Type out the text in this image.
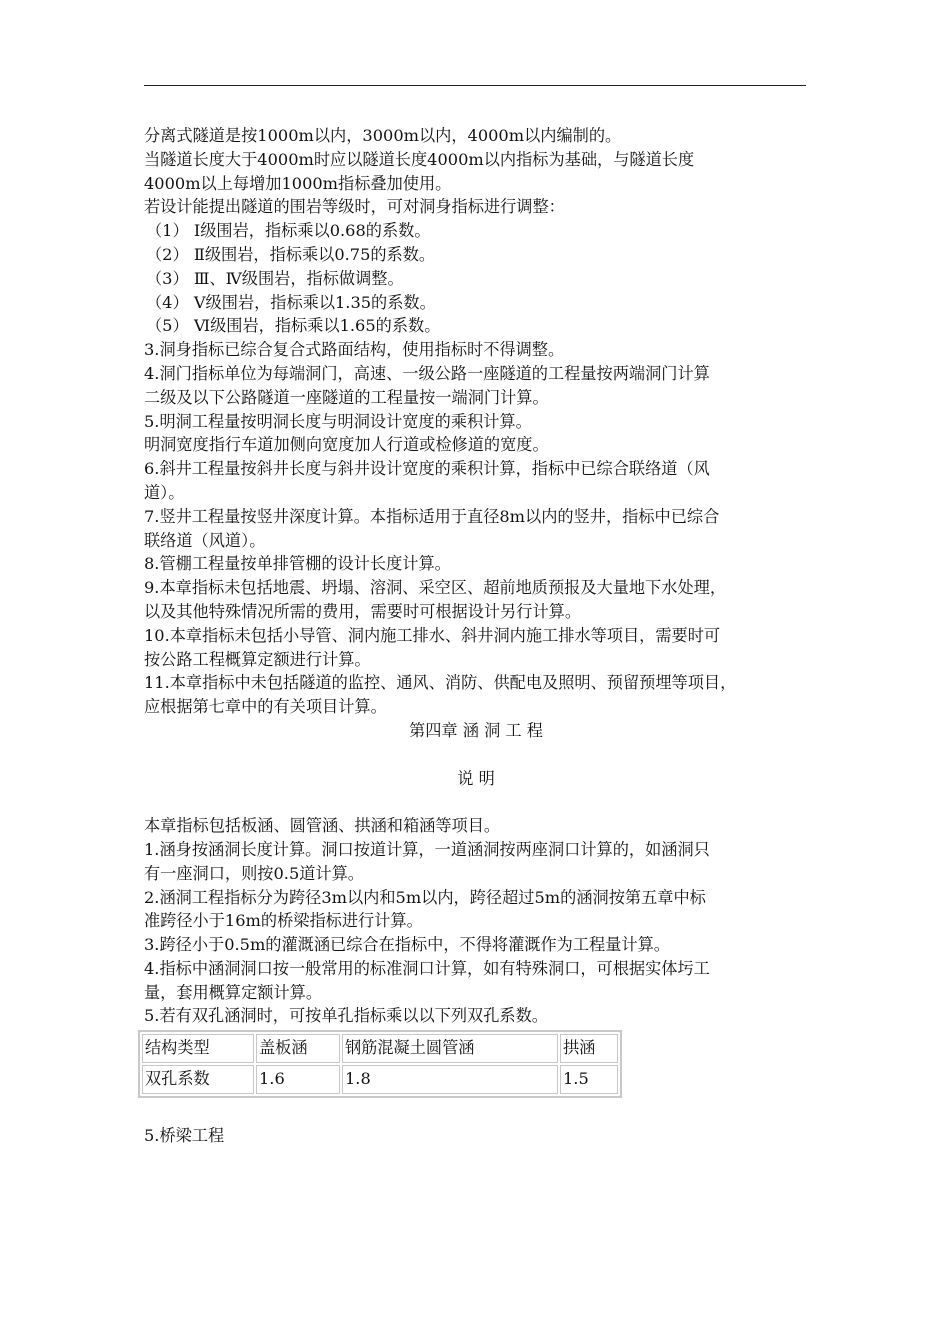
分离式隧道是按1000m以内，3000m以内，4000m以内编制的。
当隧道长度大于4000m时应以隧道长度4000m以内指标为基础，与隧道长度
4000m以上每增加1000m指标叠加使用。
若设计能提出隧道的围岩等级时，可对洞身指标进行调整：
（1） Ⅰ级围岩，指标乘以0.68的系数。
（2） Ⅱ级围岩，指标乘以0.75的系数。
（3） Ⅲ、Ⅳ级围岩，指标做调整。
（4） Ⅴ级围岩，指标乘以1.35的系数。
（5） Ⅵ级围岩，指标乘以1.65的系数。
3.洞身指标已综合复合式路面结构，使用指标时不得调整。
4.洞门指标单位为每端洞门，高速、一级公路一座隧道的工程量按两端洞门计算
二级及以下公路隧道一座隧道的工程量按一端洞门计算。
5.明洞工程量按明洞长度与明洞设计宽度的乘积计算。
明洞宽度指行车道加侧向宽度加人行道或检修道的宽度。
6.斜井工程量按斜井长度与斜井设计宽度的乘积计算，指标中已综合联络道（风
道）。
7.竖井工程量按竖井深度计算。本指标适用于直径8m以内的竖井，指标中已综合
联络道（风道）。
8.管棚工程量按单排管棚的设计长度计算。
9.本章指标未包括地震、坍塌、溶洞、采空区、超前地质预报及大量地下水处理，
以及其他特殊情况所需的费用，需要时可根据设计另行计算。
10.本章指标未包括小导管、洞内施工排水、斜井洞内施工排水等项目，需要时可
按公路工程概算定额进行计算。
11.本章指标中未包括隧道的监控、通风、消防、供配电及照明、预留预埋等项目，
应根据第七章中的有关项目计算。
第四章 涵 洞 工 程
说 明
本章指标包括板涵、圆管涵、拱涵和箱涵等项目。
1.涵身按涵洞长度计算。洞口按道计算，一道涵洞按两座洞口计算的，如涵洞只
有一座洞口，则按0.5道计算。
2.涵洞工程指标分为跨径3m以内和5m以内，跨径超过5m的涵洞按第五章中标
准跨径小于16m的桥梁指标进行计算。
3.跨径小于0.5m的灌溉涵已综合在指标中，不得将灌溉作为工程量计算。
4.指标中涵洞洞口按一般常用的标准洞口计算，如有特殊洞口，可根据实体圬工
量，套用概算定额计算。
5.若有双孔涵洞时，可按单孔指标乘以以下列双孔系数。
结构类型	盖板涵	钢筋混凝土圆管涵	拱涵
双孔系数	1.6	1.8	1.5
5.桥梁工程
